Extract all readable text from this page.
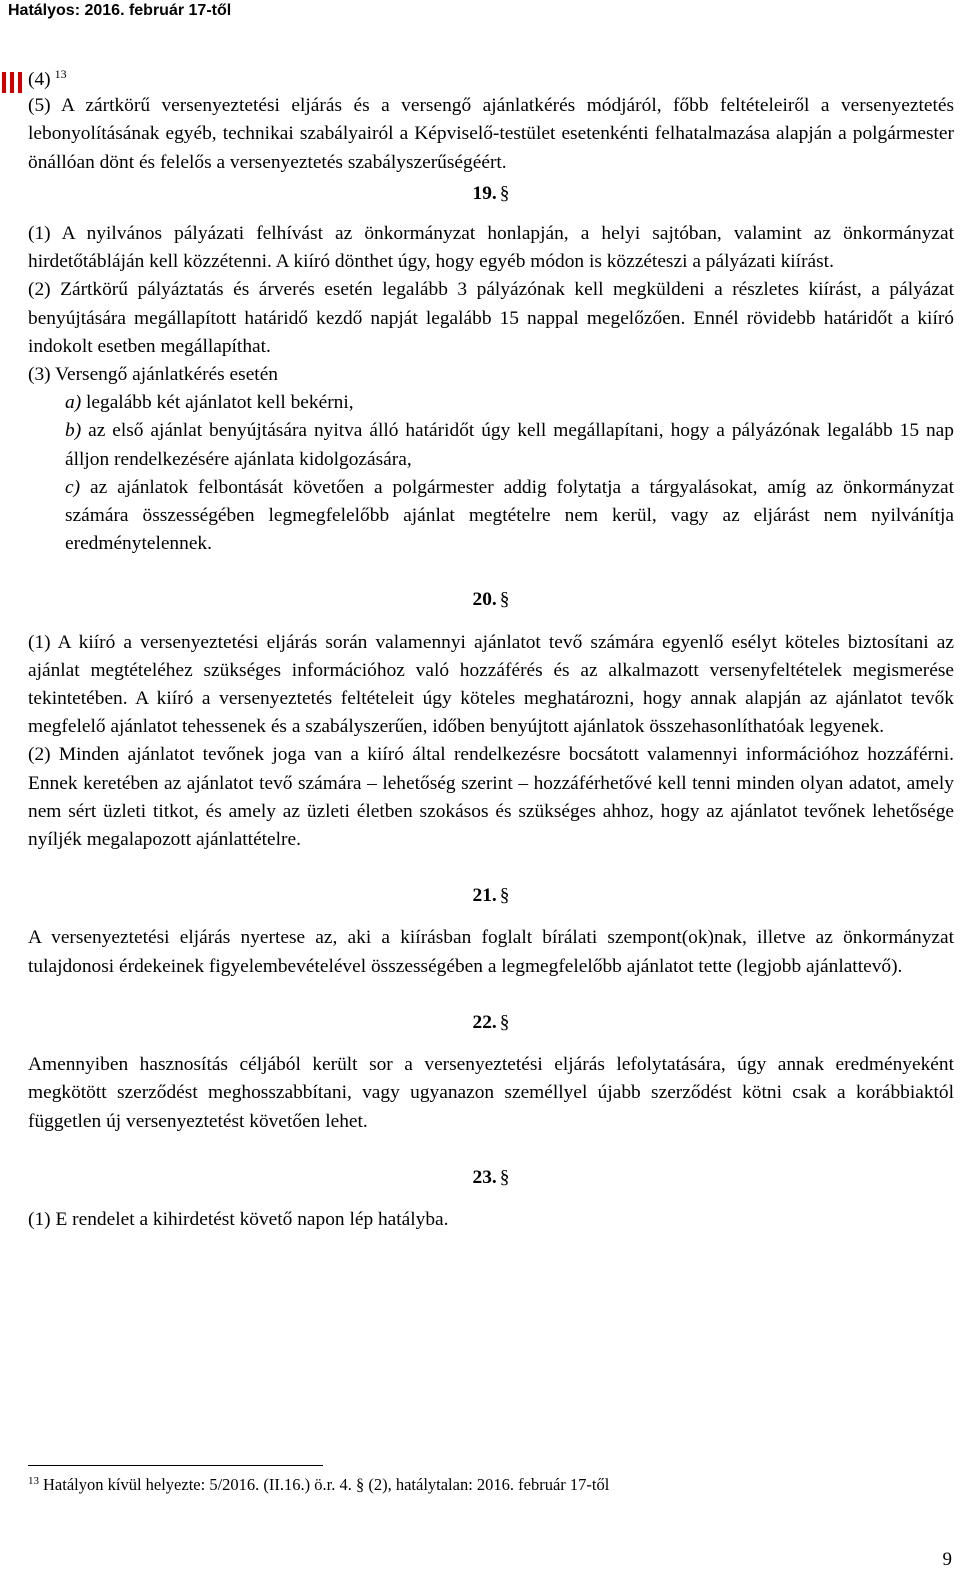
Hatályos: 2016. február 17-től

(4) $^{13}$

(5) A zártkörű versenyeztetési eljárás és a versengő ajánlatkérés módjáról, főbb feltételeiről a versenyeztetés lebonyolításának egyéb, technikai szabályairól a Képviselő-testület esetenkénti felhatalmazása alapján a polgármester önállóan dönt és felelős a versenyeztetés szabályszerűségéért.

19. §

(1) A nyilvános pályázati felhívást az önkormányzat honlapján, a helyi sajtóban, valamint az önkormányzat hirdetőtábláján kell közzétenni. A kiíró dönthet úgy, hogy egyéb módon is közzéteszi a pályázati kiírást.

(2) Zártkörű pályáztatás és árverés esetén legalább 3 pályázónak kell megküldeni a részletes kiírást, a pályázat benyújtására megállapított határidő kezdő napját legalább 15 nappal megelőzően. Ennél rövidebb határidőt a kiíró indokolt esetben megállapíthat.

(3) Versengő ajánlatkérés esetén

a) legalább két ajánlatot kell bekérni,

b) az első ajánlat benyújtására nyitva álló határidőt úgy kell megállapítani, hogy a pályázónak legalább 15 nap álljon rendelkezésére ajánlata kidolgozására,

c) az ajánlatok felbontását követően a polgármester addig folytatja a tárgyalásokat, amíg az önkormányzat számára összességében legmegfelelőbb ajánlat megtételre nem kerül, vagy az eljárást nem nyilvánítja eredménytelennek.

20. §

(1) A kiíró a versenyeztetési eljárás során valamennyi ajánlatot tevő számára egyenlő esélyt köteles biztosítani az ajánlat megtételéhez szükséges információhoz való hozzáférés és az alkalmazott versenyfeltételek megismerése tekintetében. A kiíró a versenyeztetés feltételeit úgy köteles meghatározni, hogy annak alapján az ajánlatot tevők megfelelő ajánlatot tehessenek és a szabályszerűen, időben benyújtott ajánlatok összehasonlíthatóak legyenek.

(2) Minden ajánlatot tevőnek joga van a kiíró által rendelkezésre bocsátott valamennyi információhoz hozzáférni. Ennek keretében az ajánlatot tevő számára – lehetőség szerint – hozzáférhetővé kell tenni minden olyan adatot, amely nem sért üzleti titkot, és amely az üzleti életben szokásos és szükséges ahhoz, hogy az ajánlatot tevőnek lehetősége nyíljék megalapozott ajánlattételre.

21. §

A versenyeztetési eljárás nyertese az, aki a kiírásban foglalt bírálati szempont(ok)nak, illetve az önkormányzat tulajdonosi érdekeinek figyelembevételével összességében a legmegfelelőbb ajánlatot tette (legjobb ajánlattevő).

22. §

Amennyiben hasznosítás céljából került sor a versenyeztetési eljárás lefolytatására, úgy annak eredményeként megkötött szerződést meghosszabbítani, vagy ugyanazon személlyel újabb szerződést kötni csak a korábbiaktól független új versenyeztetést követően lehet.

23. §

(1) E rendelet a kihirdetést követő napon lép hatályba.

$^{13}$ Hatályon kívül helyezte: 5/2016. (II.16.) ö.r. 4. § (2), hatálytalan: 2016. február 17-től
9
